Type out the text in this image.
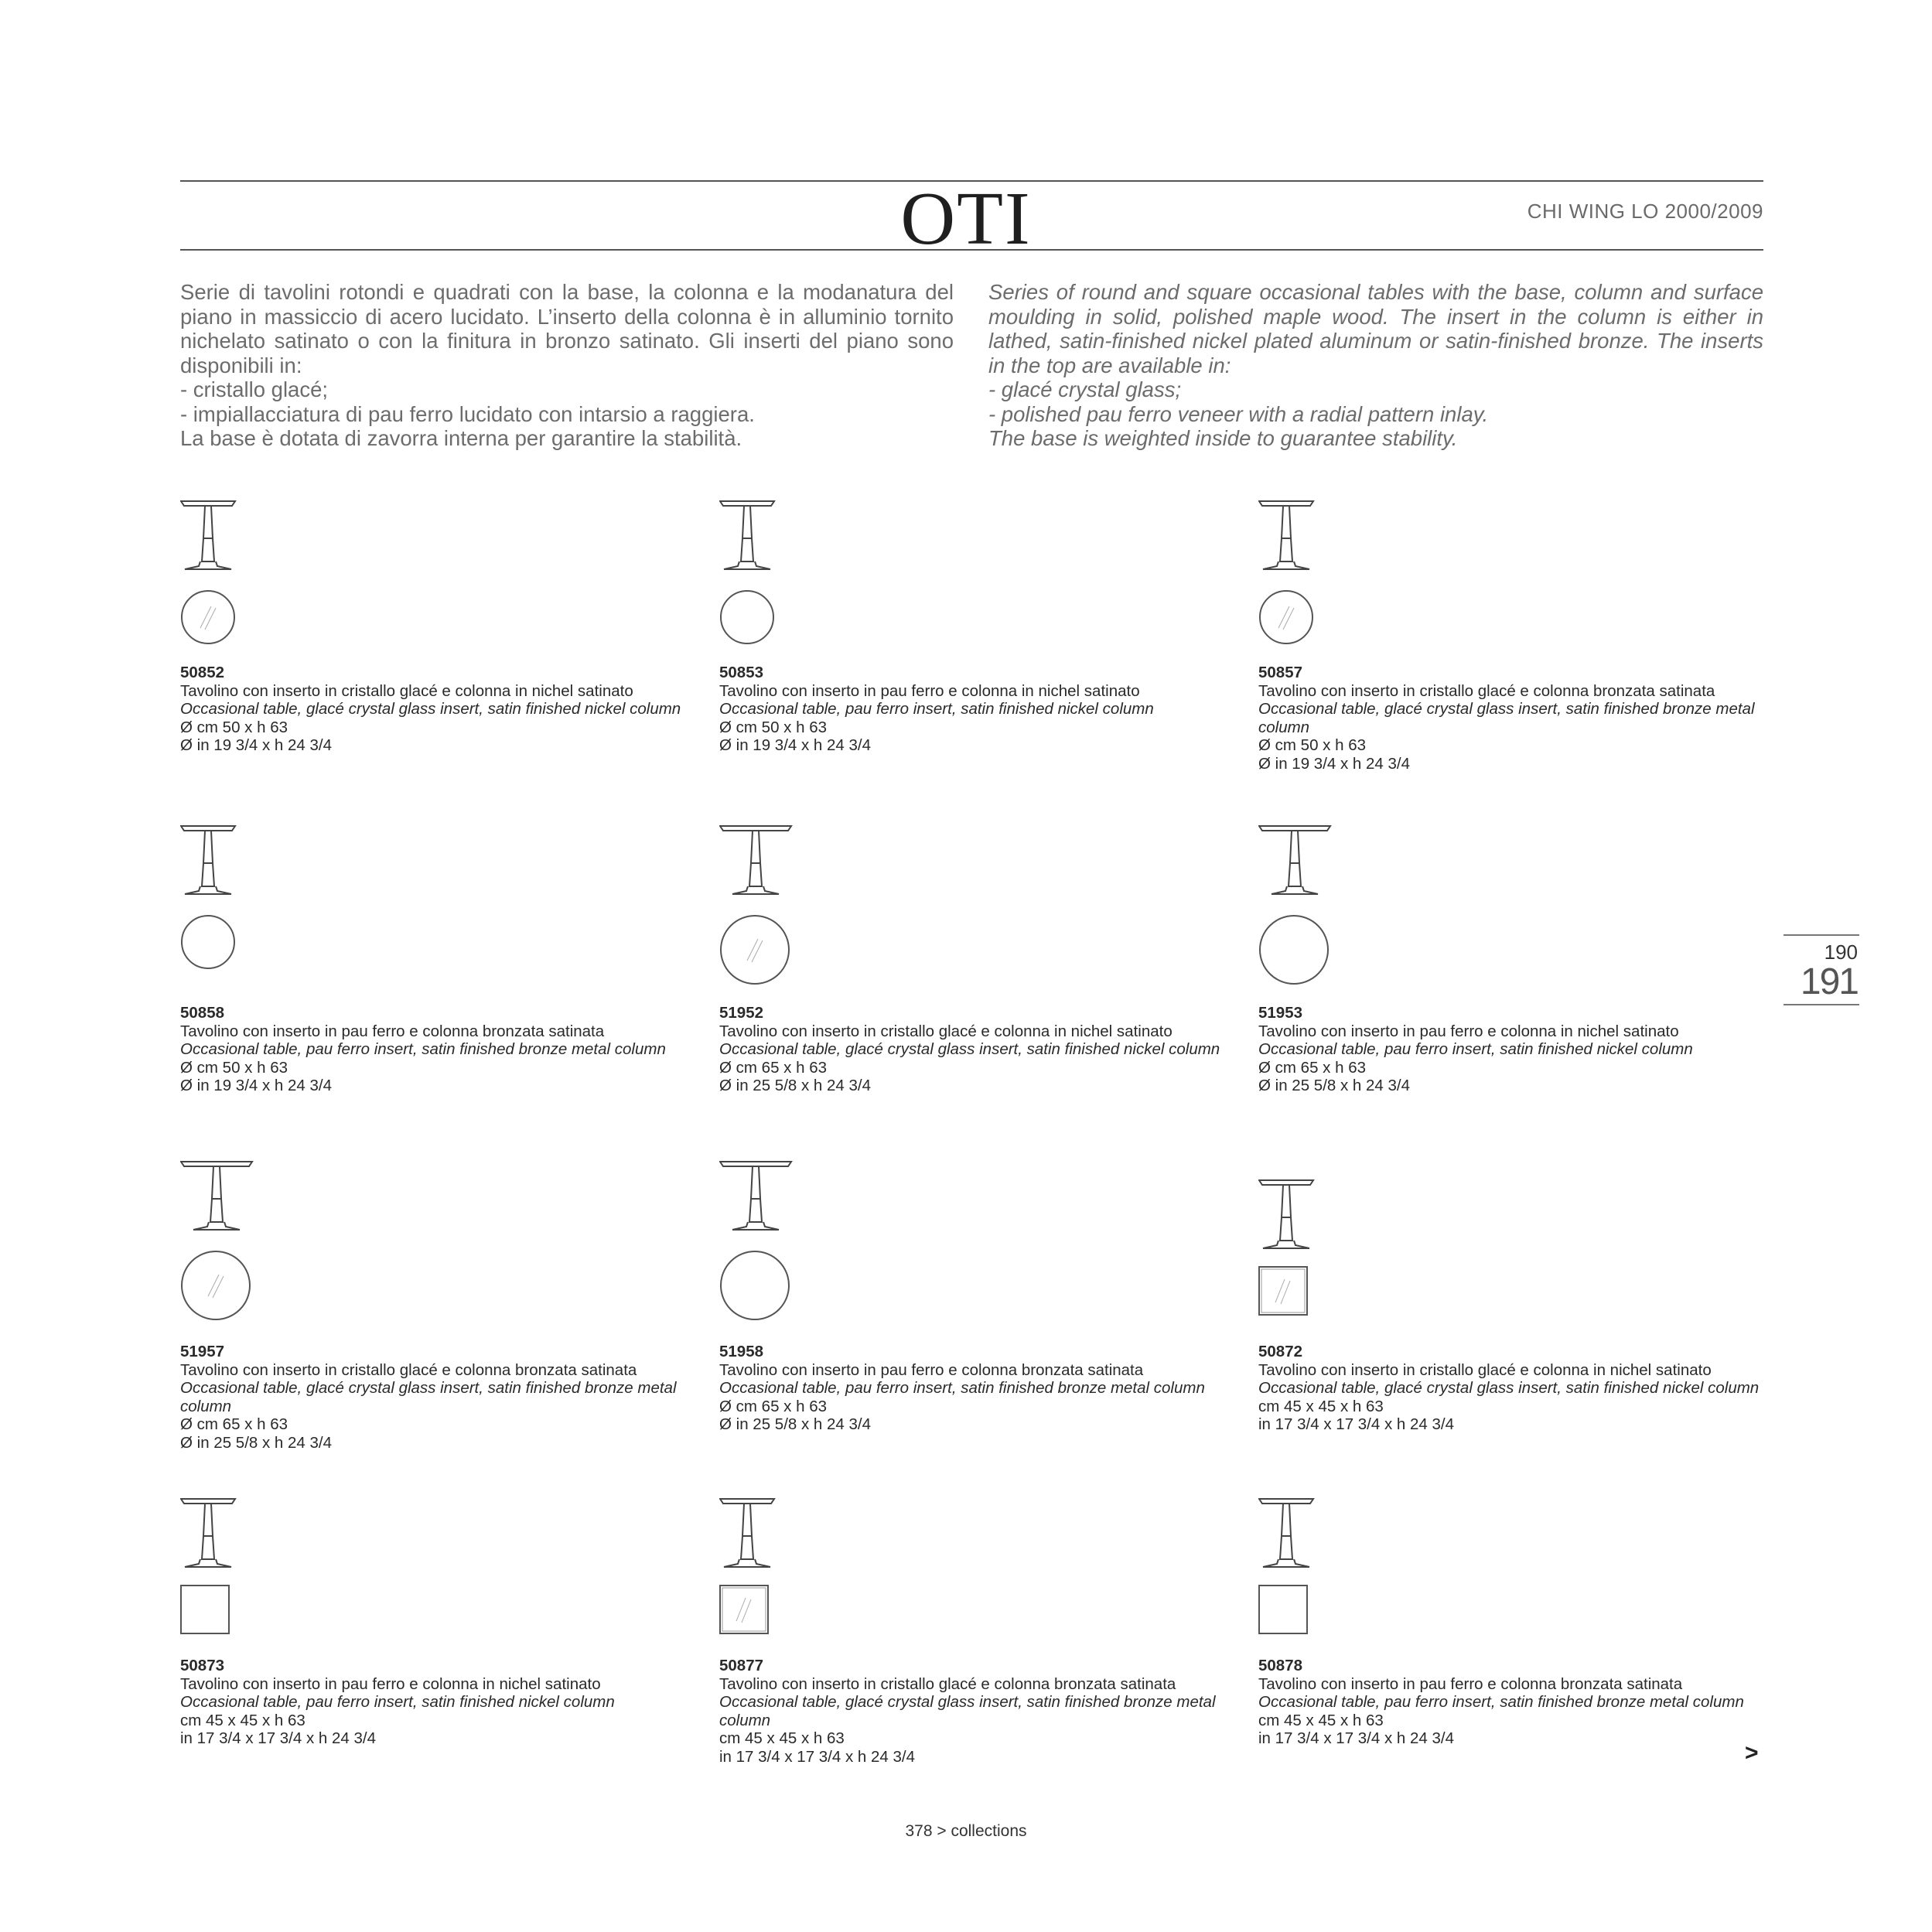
OTI	CHI WING LO 2000/2009

Serie di tavolini rotondi e quadrati con la base, la colonna e la modanatura del piano in massiccio di acero lucidato. L’inserto della colonna è in alluminio tornito nichelato satinato o con la finitura in bronzo satinato. Gli inserti del piano sono disponibili in:

- cristallo glacé;

- impiallacciatura di pau ferro lucidato con intarsio a raggiera.

La base è dotata di zavorra interna per garantire la stabilità.

Series of round and square occasional tables with the base, column and surface moulding in solid, polished maple wood. The insert in the column is either in lathed, satin-finished nickel plated aluminum or satin-finished bronze. The inserts in the top are available in:

- glacé crystal glass;

- polished pau ferro veneer with a radial pattern inlay.

The base is weighted inside to guarantee stability.

50852
Tavolino con inserto in cristallo glacé e colonna in nichel satinato
Occasional table, glacé crystal glass insert, satin finished nickel column
Ø cm 50 x h 63
Ø in 19 3/4 x h 24 3/4
50853
Tavolino con inserto in pau ferro e colonna in nichel satinato
Occasional table, pau ferro insert, satin finished nickel column
Ø cm 50 x h 63
Ø in 19 3/4 x h 24 3/4
50857
Tavolino con inserto in cristallo glacé e colonna bronzata satinata
Occasional table, glacé crystal glass insert, satin finished bronze metal column
Ø cm 50 x h 63
Ø in 19 3/4 x h 24 3/4
50858
Tavolino con inserto in pau ferro e colonna bronzata satinata
Occasional table, pau ferro insert, satin finished bronze metal column
Ø cm 50 x h 63
Ø in 19 3/4 x h 24 3/4
51952
Tavolino con inserto in cristallo glacé e colonna in nichel satinato
Occasional table, glacé crystal glass insert, satin finished nickel column
Ø cm 65 x h 63
Ø in 25 5/8 x h 24 3/4
51953
Tavolino con inserto in pau ferro e colonna in nichel satinato
Occasional table, pau ferro insert, satin finished nickel column
Ø cm 65 x h 63
Ø in 25 5/8 x h 24 3/4
51957
Tavolino con inserto in cristallo glacé e colonna bronzata satinata
Occasional table, glacé crystal glass insert, satin finished bronze metal column
Ø cm 65 x h 63
Ø in 25 5/8 x h 24 3/4
51958
Tavolino con inserto in pau ferro e colonna bronzata satinata
Occasional table, pau ferro insert, satin finished bronze metal column
Ø cm 65 x h 63
Ø in 25 5/8 x h 24 3/4
50872
Tavolino con inserto in cristallo glacé e colonna in nichel satinato
Occasional table, glacé crystal glass insert, satin finished nickel column
cm 45 x 45 x h 63
in 17 3/4 x 17 3/4 x h 24 3/4
50873
Tavolino con inserto in pau ferro e colonna in nichel satinato
Occasional table, pau ferro insert, satin finished nickel column
cm 45 x 45 x h 63
in 17 3/4 x 17 3/4 x h 24 3/4
50877
Tavolino con inserto in cristallo glacé e colonna bronzata satinata
Occasional table, glacé crystal glass insert, satin finished bronze metal column
cm 45 x 45 x h 63
in 17 3/4 x 17 3/4 x h 24 3/4
50878
Tavolino con inserto in pau ferro e colonna bronzata satinata
Occasional table, pau ferro insert, satin finished bronze metal column
cm 45 x 45 x h 63
in 17 3/4 x 17 3/4 x h 24 3/4
190
191
>
378 > collections
